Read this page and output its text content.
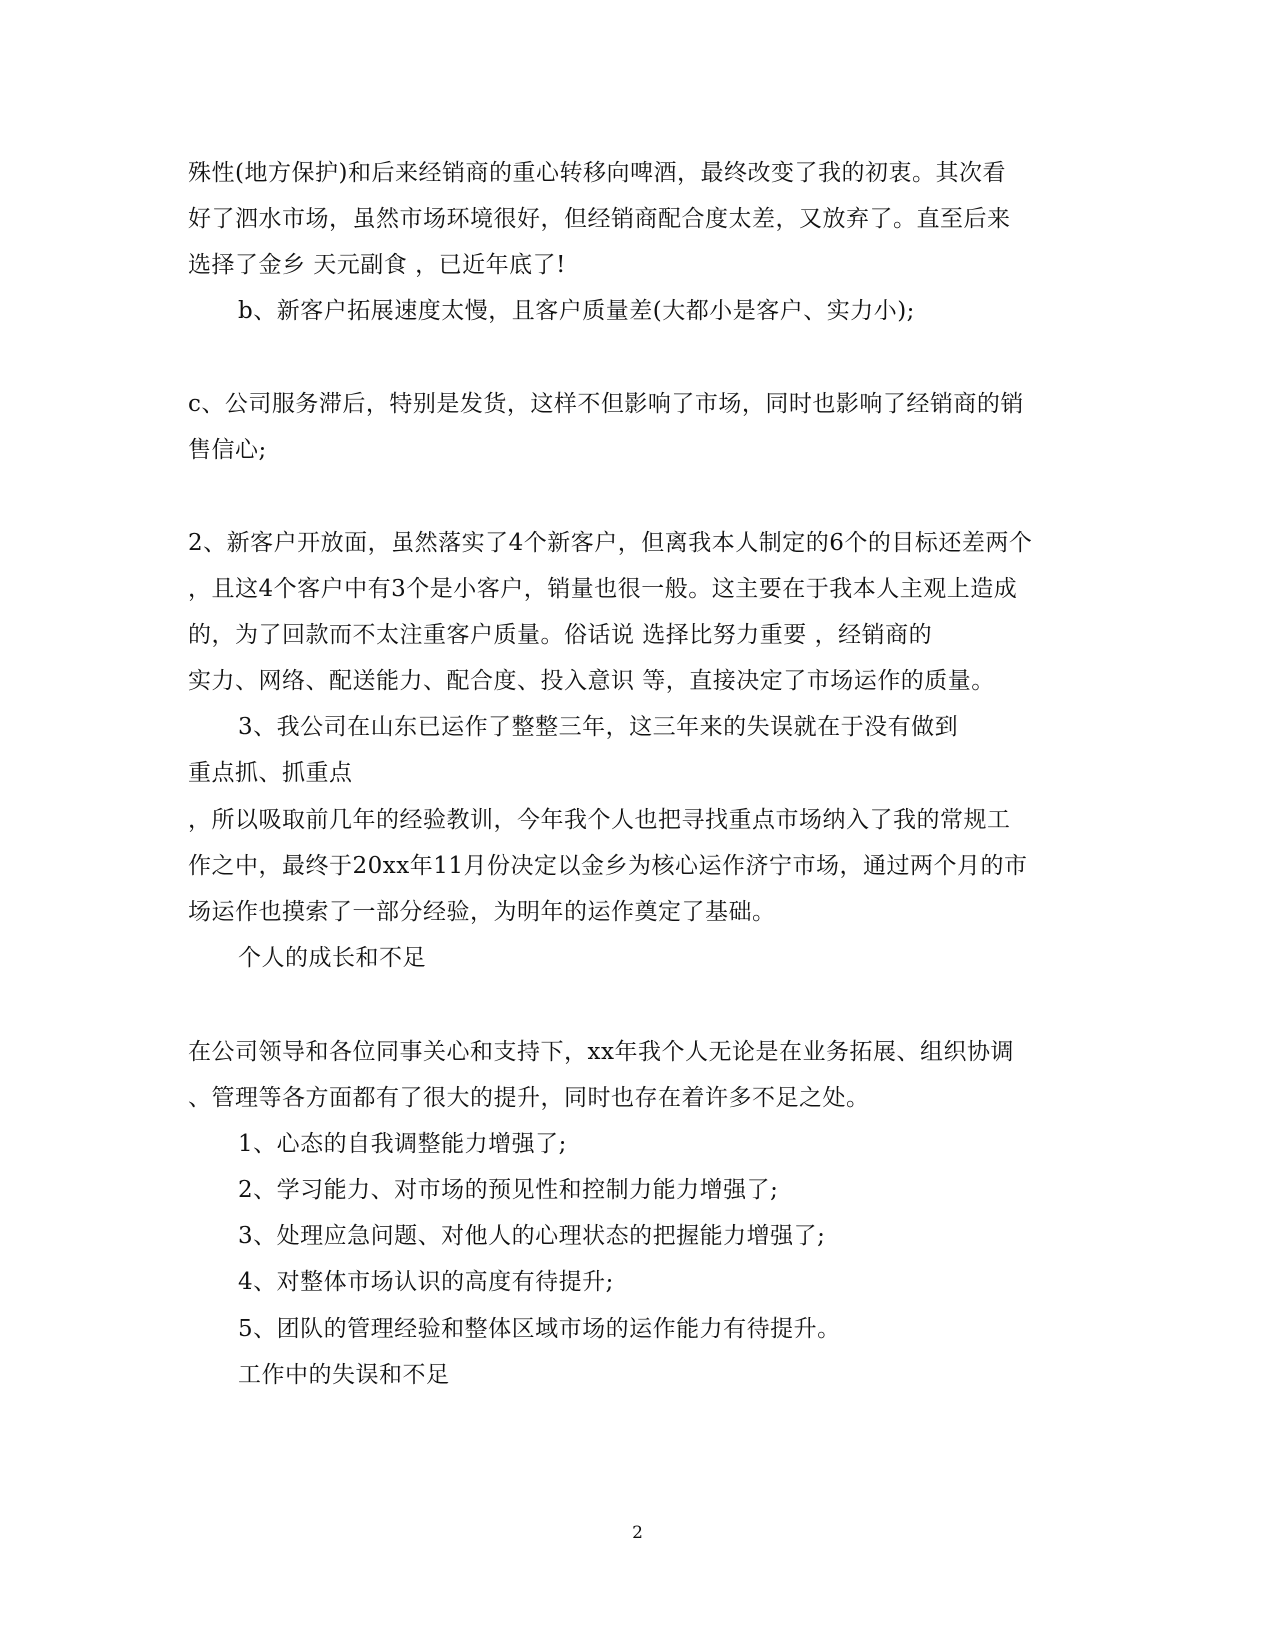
殊性(地方保护)和后来经销商的重心转移向啤酒，最终改变了我的初衷。其次看
好了泗水市场，虽然市场环境很好，但经销商配合度太差，又放弃了。直至后来
选择了金乡 天元副食 ，已近年底了!
b、新客户拓展速度太慢，且客户质量差(大都小是客户、实力小);
c、公司服务滞后，特别是发货，这样不但影响了市场，同时也影响了经销商的销
售信心;
2、新客户开放面，虽然落实了4个新客户，但离我本人制定的6个的目标还差两个
，且这4个客户中有3个是小客户，销量也很一般。这主要在于我本人主观上造成
的，为了回款而不太注重客户质量。俗话说 选择比努力重要 ，经销商的
实力、网络、配送能力、配合度、投入意识 等，直接决定了市场运作的质量。
3、我公司在山东已运作了整整三年，这三年来的失误就在于没有做到
重点抓、抓重点
，所以吸取前几年的经验教训，今年我个人也把寻找重点市场纳入了我的常规工
作之中，最终于20xx年11月份决定以金乡为核心运作济宁市场，通过两个月的市
场运作也摸索了一部分经验，为明年的运作奠定了基础。
个人的成长和不足
在公司领导和各位同事关心和支持下，xx年我个人无论是在业务拓展、组织协调
、管理等各方面都有了很大的提升，同时也存在着许多不足之处。
1、心态的自我调整能力增强了;
2、学习能力、对市场的预见性和控制力能力增强了;
3、处理应急问题、对他人的心理状态的把握能力增强了;
4、对整体市场认识的高度有待提升;
5、团队的管理经验和整体区域市场的运作能力有待提升。
工作中的失误和不足
2
